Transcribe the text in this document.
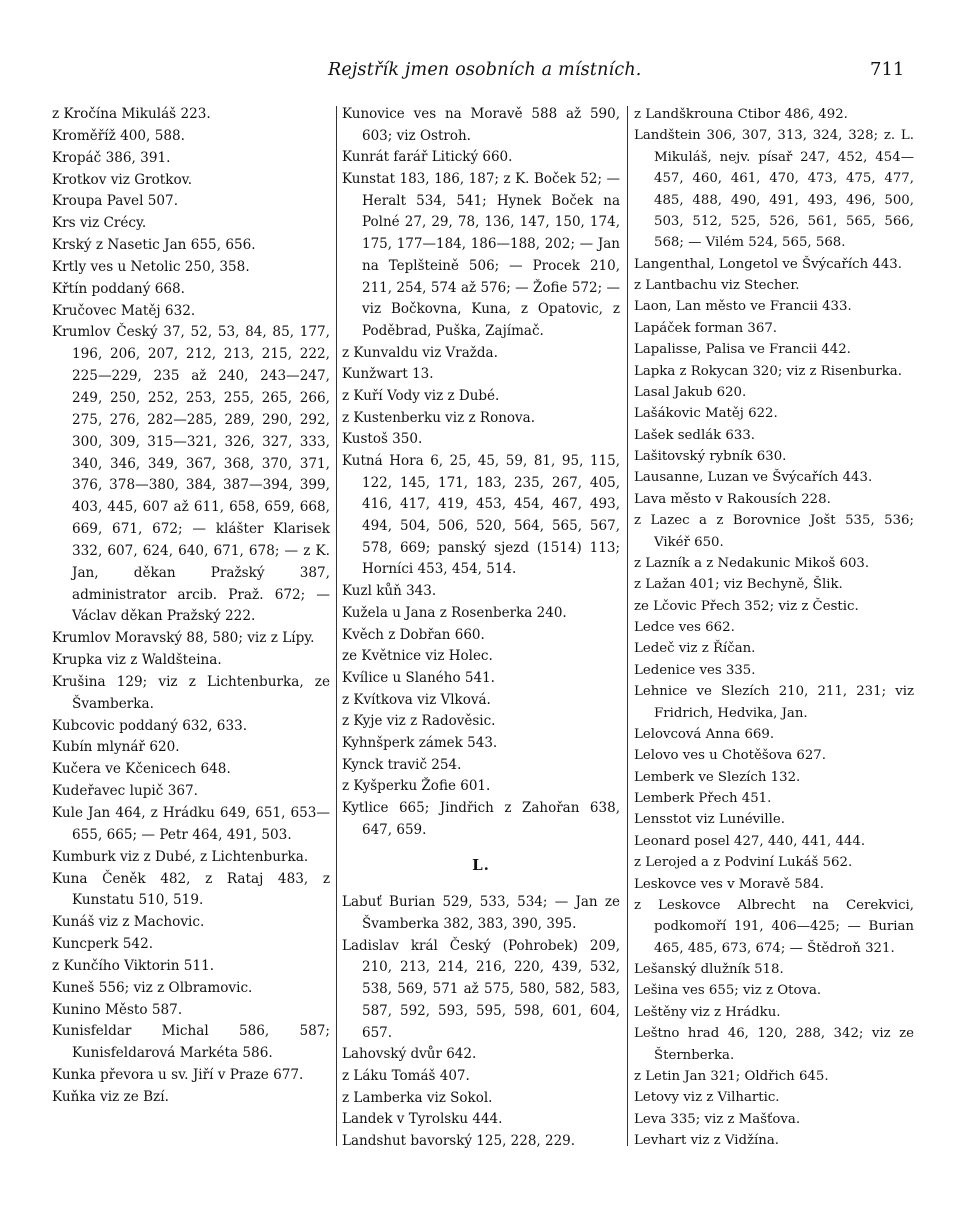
Rejstřík jmen osobních a místních.	711
z Kročína Mikuláš 223.
Kroměříž 400, 588.
Kropáč 386, 391.
Krotkov viz Grotkov.
Kroupa Pavel 507.
Krs viz Crécy.
Krský z Nasetic Jan 655, 656.
Krtly ves u Netolic 250, 358.
Křtín poddaný 668.
Kručovec Matěj 632.
Krumlov Český 37, 52, 53, 84, 85, 177, 196, 206, 207, 212, 213, 215, 222, 225—229, 235 až 240, 243—247, 249, 250, 252, 253, 255, 265, 266, 275, 276, 282—285, 289, 290, 292, 300, 309, 315—321, 326, 327, 333, 340, 346, 349, 367, 368, 370, 371, 376, 378—380, 384, 387—394, 399, 403, 445, 607 až 611, 658, 659, 668, 669, 671, 672; — klášter Klarisek 332, 607, 624, 640, 671, 678; — z K. Jan, děkan Pražský 387, administrator arcib. Praž. 672; — Václav děkan Pražský 222.
Krumlov Moravský 88, 580; viz z Lípy.
Krupka viz z Waldšteina.
Krušina 129; viz z Lichtenburka, ze Švamberka.
Kubcovic poddaný 632, 633.
Kubín mlynář 620.
Kučera ve Kčenicech 648.
Kudeřavec lupič 367.
Kule Jan 464, z Hrádku 649, 651, 653—655, 665; — Petr 464, 491, 503.
Kumburk viz z Dubé, z Lichtenburka.
Kuna Čeněk 482, z Rataj 483, z Kunstatu 510, 519.
Kunáš viz z Machovic.
Kuncperk 542.
z Kunčího Viktorin 511.
Kuneš 556; viz z Olbramovic.
Kunino Město 587.
Kunisfeldar Michal 586, 587; Kunisfeldarová Markéta 586.
Kunka převora u sv. Jiří v Praze 677.
Kuňka viz ze Bzí.
Kunovice ves na Moravě 588 až 590, 603; viz Ostroh.
Kunrát farář Litický 660.
Kunstat 183, 186, 187; z K. Boček 52; — Heralt 534, 541; Hynek Boček na Polné 27, 29, 78, 136, 147, 150, 174, 175, 177—184, 186—188, 202; — Jan na Teplšteině 506; — Procek 210, 211, 254, 574 až 576; — Žofie 572; — viz Bočkovna, Kuna, z Opatovic, z Poděbrad, Puška, Zajímač.
z Kunvaldu viz Vražda.
Kunžwart 13.
z Kuří Vody viz z Dubé.
z Kustenberku viz z Ronova.
Kustoš 350.
Kutná Hora 6, 25, 45, 59, 81, 95, 115, 122, 145, 171, 183, 235, 267, 405, 416, 417, 419, 453, 454, 467, 493, 494, 504, 506, 520, 564, 565, 567, 578, 669; panský sjezd (1514) 113; Horníci 453, 454, 514.
Kuzl kůň 343.
Kužela u Jana z Rosenberka 240.
Kvěch z Dobřan 660.
ze Květnice viz Holec.
Kvílice u Slaného 541.
z Kvítkova viz Vlková.
z Kyje viz z Radověsic.
Kyhnšperk zámek 543.
Kynck travič 254.
z Kyšperku Žofie 601.
Kytlice 665; Jindřich z Zahořan 638, 647, 659.
L.
Labuť Burian 529, 533, 534; — Jan ze Švamberka 382, 383, 390, 395.
Ladislav král Český (Pohrobek) 209, 210, 213, 214, 216, 220, 439, 532, 538, 569, 571 až 575, 580, 582, 583, 587, 592, 593, 595, 598, 601, 604, 657.
Lahovský dvůr 642.
z Láku Tomáš 407.
z Lamberka viz Sokol.
Landek v Tyrolsku 444.
Landshut bavorský 125, 228, 229.
z Landškrouna Ctibor 486, 492.
Landštein 306, 307, 313, 324, 328; z. L. Mikuláš, nejv. písař 247, 452, 454—457, 460, 461, 470, 473, 475, 477, 485, 488, 490, 491, 493, 496, 500, 503, 512, 525, 526, 561, 565, 566, 568; — Vilém 524, 565, 568.
Langenthal, Longetol ve Švýcařích 443.
z Lantbachu viz Stecher.
Laon, Lan město ve Francii 433.
Lapáček forman 367.
Lapalisse, Palisa ve Francii 442.
Lapka z Rokycan 320; viz z Risenburka.
Lasal Jakub 620.
Lašákovic Matěj 622.
Lašek sedlák 633.
Lašitovský rybník 630.
Lausanne, Luzan ve Švýcařích 443.
Lava město v Rakousích 228.
z Lazec a z Borovnice Jošt 535, 536; Vikéř 650.
z Lazník a z Nedakunic Mikoš 603.
z Lažan 401; viz Bechyně, Šlik.
ze Lčovic Přech 352; viz z Čestic.
Ledce ves 662.
Ledeč viz z Říčan.
Ledenice ves 335.
Lehnice ve Slezích 210, 211, 231; viz Fridrich, Hedvika, Jan.
Lelovcová Anna 669.
Lelovo ves u Chotěšova 627.
Lemberk ve Slezích 132.
Lemberk Přech 451.
Lensstot viz Lunéville.
Leonard posel 427, 440, 441, 444.
z Lerojed a z Podviní Lukáš 562.
Leskovce ves v Moravě 584.
z Leskovce Albrecht na Cerekvici, podkomoří 191, 406—425; — Burian 465, 485, 673, 674; — Štědroň 321.
Lešanský dlužník 518.
Lešina ves 655; viz z Otova.
Leštěny viz z Hrádku.
Leštno hrad 46, 120, 288, 342; viz ze Šternberka.
z Letin Jan 321; Oldřich 645.
Letovy viz z Vilhartic.
Leva 335; viz z Mašťova.
Levhart viz z Vidžína.
